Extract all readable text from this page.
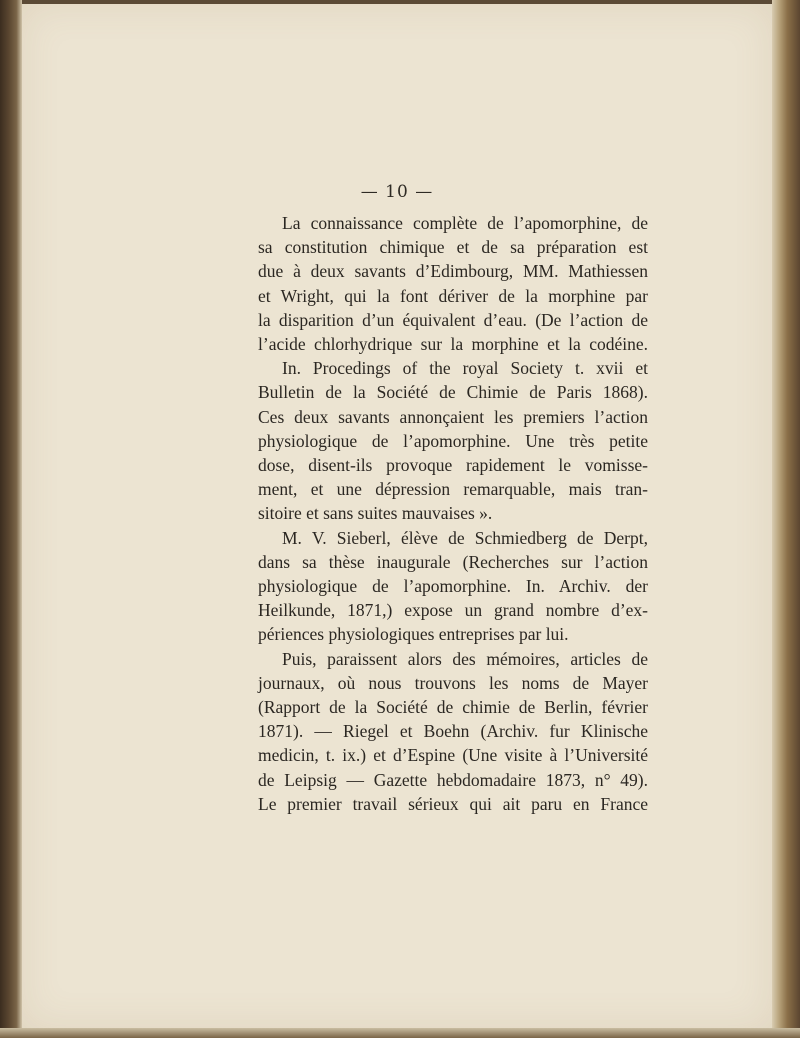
— 10 —

La connaissance complète de l’apomorphine, de
sa constitution chimique et de sa préparation est
due à deux savants d’Edimbourg, MM. Mathiessen
et Wright, qui la font dériver de la morphine par
la disparition d’un équivalent d’eau. (De l’action de
l’acide chlorhydrique sur la morphine et la codéine.

In. Procedings of the royal Society t. xvii et
Bulletin de la Société de Chimie de Paris 1868).
Ces deux savants annonçaient les premiers l’action
physiologique de l’apomorphine. Une très petite
dose, disent-ils provoque rapidement le vomisse-
ment, et une dépression remarquable, mais tran-
sitoire et sans suites mauvaises ».

M. V. Sieberl, élève de Schmiedberg de Derpt,
dans sa thèse inaugurale (Recherches sur l’action
physiologique de l’apomorphine. In. Archiv. der
Heilkunde, 1871,) expose un grand nombre d’ex-
périences physiologiques entreprises par lui.

Puis, paraissent alors des mémoires, articles de
journaux, où nous trouvons les noms de Mayer
(Rapport de la Société de chimie de Berlin, février
1871). — Riegel et Boehn (Archiv. fur Klinische
medicin, t. ix.) et d’Espine (Une visite à l’Université
de Leipsig — Gazette hebdomadaire 1873, n° 49).
Le premier travail sérieux qui ait paru en France
